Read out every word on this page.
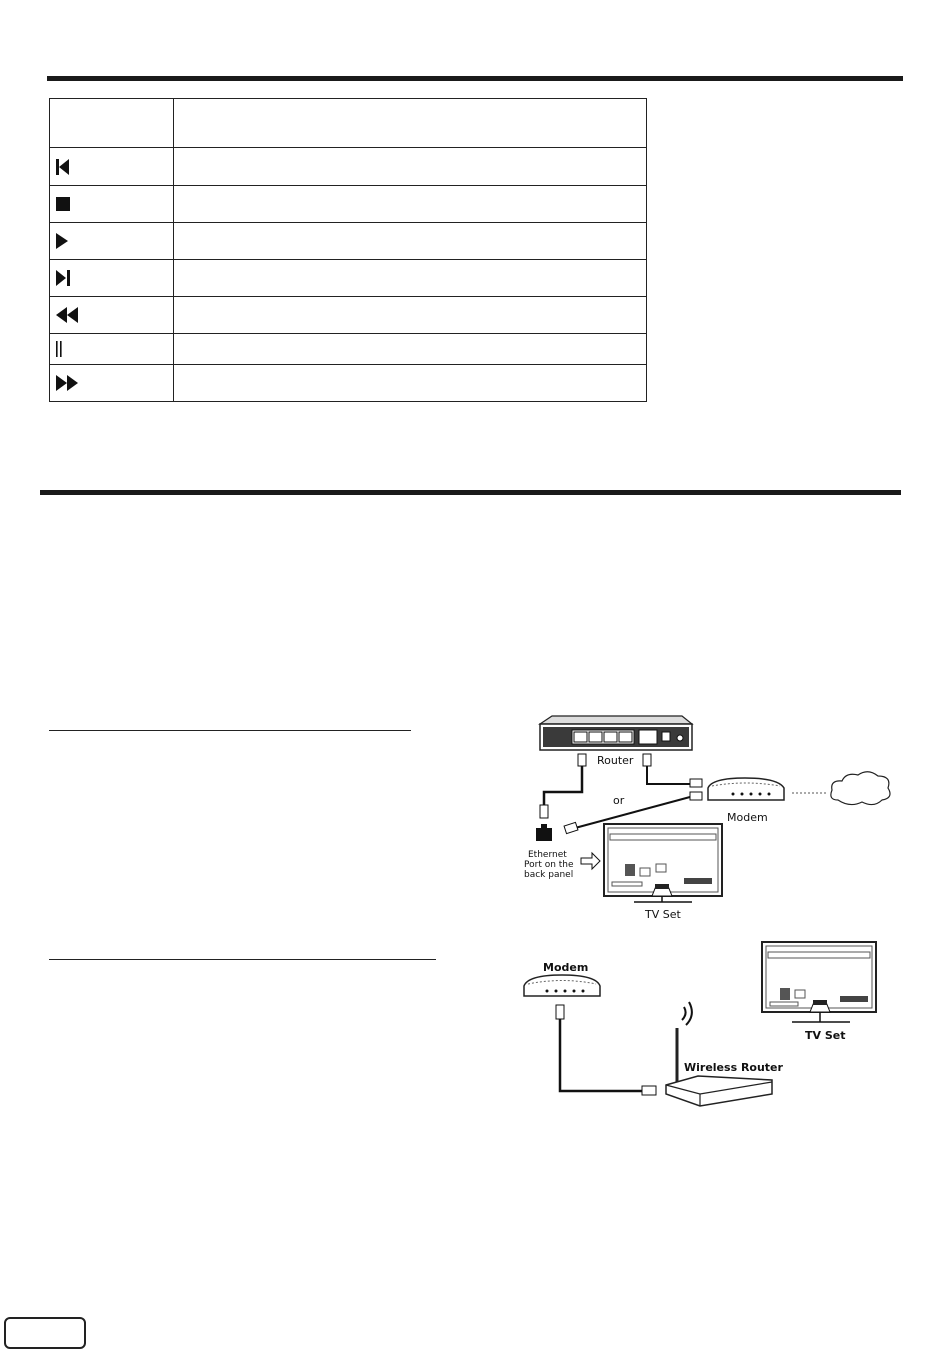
Router
or
Modem
Ethernet Port on the back panel
TV Set
Modem
Wireless Router
TV Set
